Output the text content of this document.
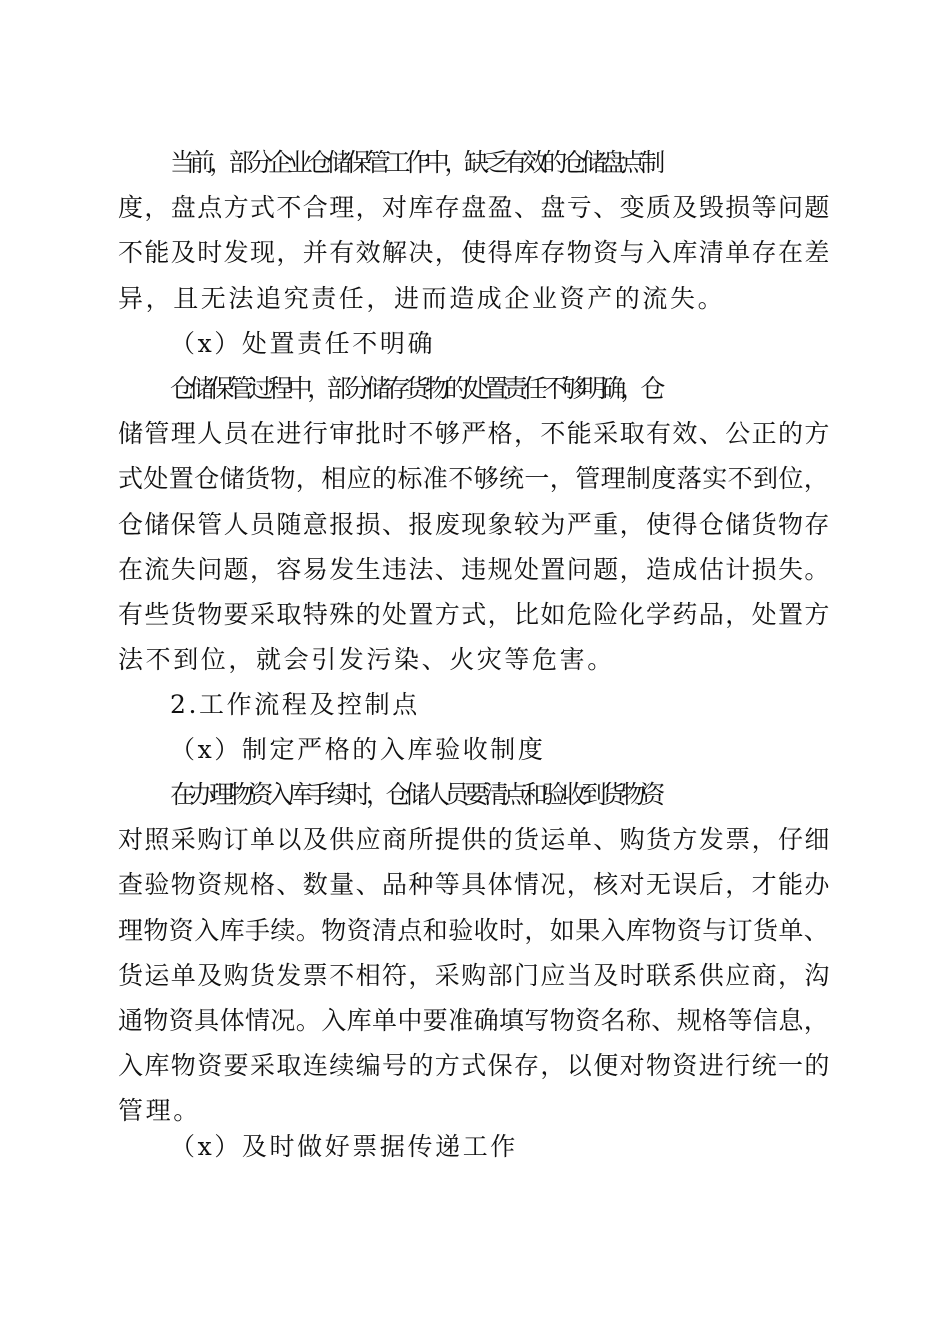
当前，部分企业仓储保管工作中，缺乏有效的仓储盘点制
度，盘点方式不合理，对库存盘盈、盘亏、变质及毁损等问题
不能及时发现，并有效解决，使得库存物资与入库清单存在差
异，且无法追究责任，进而造成企业资产的流失。
（x）处置责任不明确
仓储保管过程中，部分储存货物的处置责任不够明确，仓
储管理人员在进行审批时不够严格，不能采取有效、公正的方
式处置仓储货物，相应的标准不够统一，管理制度落实不到位，
仓储保管人员随意报损、报废现象较为严重，使得仓储货物存
在流失问题，容易发生违法、违规处置问题，造成估计损失。
有些货物要采取特殊的处置方式，比如危险化学药品，处置方
法不到位，就会引发污染、火灾等危害。
2.工作流程及控制点
（x）制定严格的入库验收制度
在办理物资入库手续时，仓储人员要清点和验收到货物资
对照采购订单以及供应商所提供的货运单、购货方发票，仔细
查验物资规格、数量、品种等具体情况，核对无误后，才能办
理物资入库手续。物资清点和验收时，如果入库物资与订货单、
货运单及购货发票不相符，采购部门应当及时联系供应商，沟
通物资具体情况。入库单中要准确填写物资名称、规格等信息，
入库物资要采取连续编号的方式保存，以便对物资进行统一的
管理。
（x）及时做好票据传递工作
